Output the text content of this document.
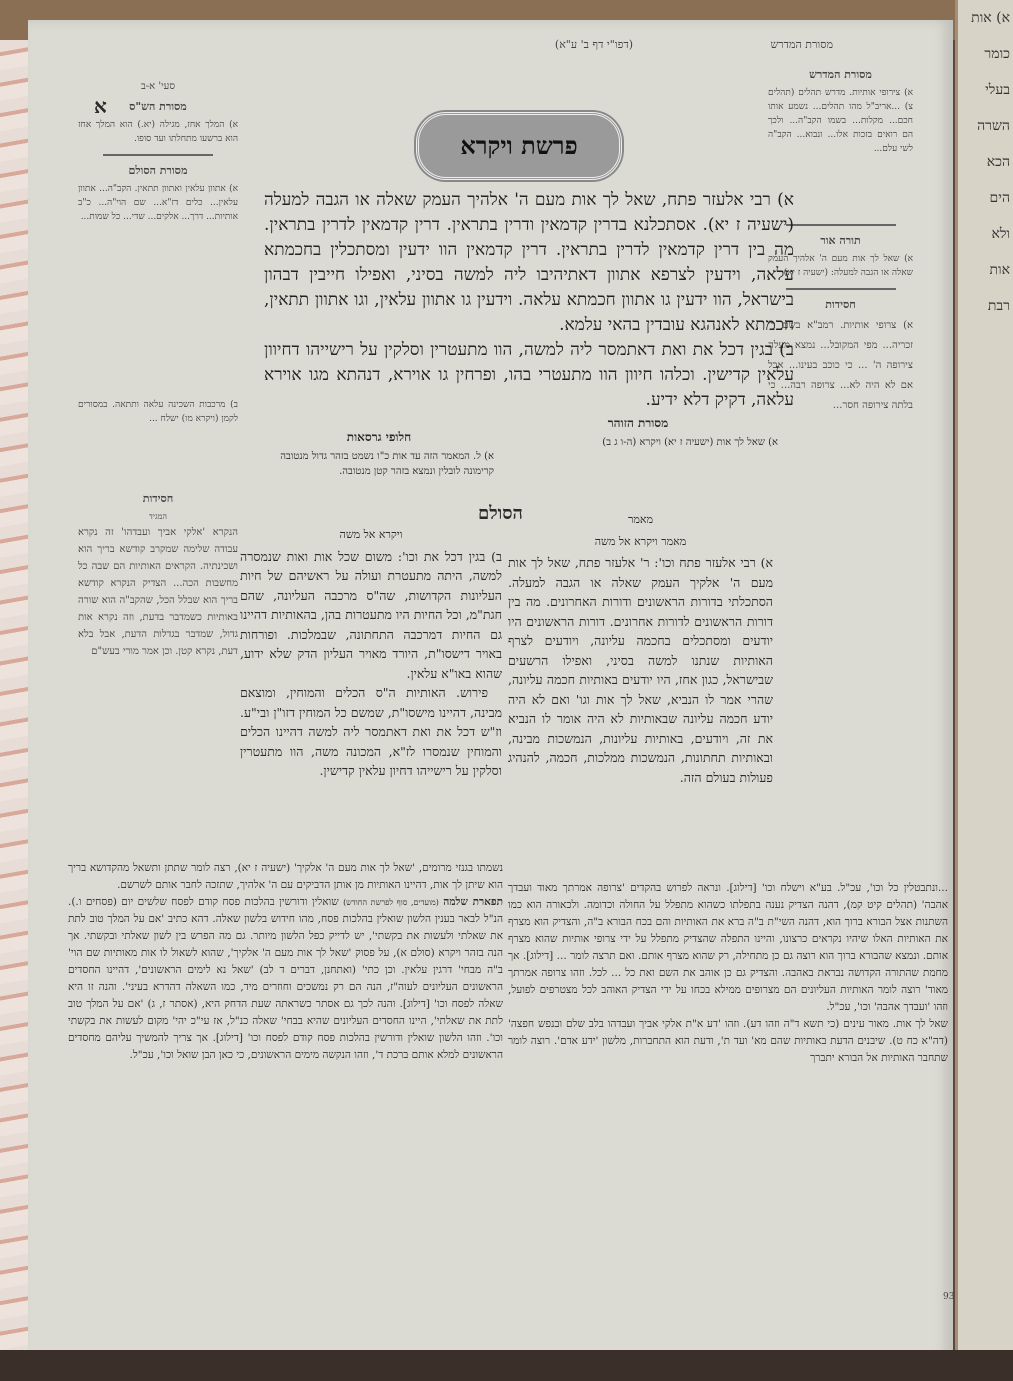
מסורת המדרש
(דפו"י דף ב' ע"א)
א
סעי' א-ב
מסורת הש"ס
א) המלך אחז, מגילה (יא.) הוא המלך אחז הוא ברשעו מתחלתו ועד סופו.
מסורת הסולם
א) אתוון עלאין ואתוון תתאין. הקב"ה... אתוון עלאין... כלים דז"א... שם הוי"ה... כ"ב אותיות... דרך... אלקים... שדי... כל שמות...
ב) מרכבות השכינה עלאה ותתאה. במסורים לקמן (ויקרא מו) ישלח ...
חסידות
המגיד
הנקרא 'אלקי אביך ועבדהו' זה נקרא עבודה שלימה שמקרב קודשא בריך הוא ושכינתיה. הקראים האותיות הם שבה כל מחשבות הכה... הצדיק הנקרא קודשא בריך הוא שבלל הכל, שהקב"ה הוא שורה באותיות כשמדבר בדעת, וזה נקרא אות גדול, שמדבר בגדלות הדעת, אבל בלא דעת, נקרא קטן. וכן אמר מורי בעש"ם
מסורת המדרש
א) צירופי אותיות. מדרש תהלים (תהלים צ) ...אריב"ל מהו תהלים... נשמע אותו חכם... מקלות... בשמו הקב"ה... ולכך הם רואים בזכות אלו... ונבוא... הקב"ה לשי עלם...
תורה אור
א) שאל לך אות מעם ה' אלהיך העמק שאלה או הגבה למעלה: (ישעיה ז יא)
חסידות
א) צרופי אותיות. רמב"א בשם ר' זכריה... מפי המקובל... נמצא מעלה צירופה ה' ... כי כוכב בעינו... אבל אם לא היה לא... צרופה רבה... כי בלתה צירופה חסר...
פרשת ויקרא

א) רבי אלעזר פתח, שאל לך אות מעם ה' אלהיך העמק שאלה או הגבה למעלה (ישעיה ז יא). אסתכלנא בדרין קדמאין ודרין בתראין. דרין קדמאין לדרין בתראין. מה בין דרין קדמאין לדרין בתראין. דרין קדמאין הוו ידעין ומסתכלין בחכמתא עלאה, וידעין לצרפא אתוון דאתיהיבו ליה למשה בסיני, ואפילו חייבין דבהון בישראל, הוו ידעין גו אתוון חכמתא עלאה. וידעין גו אתוון עלאין, וגו אתוון תתאין, חכמתא לאנהגא עובדין בהאי עלמא.

ב) בגין דכל את ואת דאתמסר ליה למשה, הוו מתעטרין וסלקין על רישייהו דחיוון עלאין קדישין. וכלהו חיוון הוו מתעטרי בהו, ופרחין גו אוירא, דנהתא מגו אוירא עלאה, דקיק דלא ידיע.

מסורת הזוהר
א) שאל לך אות (ישעיה ז יא) ויקרא (ה-ו ג ב)
חלופי גרסאות
א) ל. המאמר הזה עד אות כ"ו נשמט בזהר גדול מנטובה קרימונה לובלין ונמצא בזהר קטן מנטובה.
הסולם	מאמר
מאמר ויקרא אל משה
א) רבי אלעזר פתח וכו': ר' אלעזר פתח, שאל לך אות מעם ה' אלקיך העמק שאלה או הגבה למעלה. הסתכלתי בדורות הראשונים ודורות האחרונים. מה בין דורות הראשונים לדורות אחרונים. דורות הראשונים היו יודעים ומסתכלים בחכמה עליונה, ויודעים לצרף האותיות שנתנו למשה בסיני, ואפילו הרשעים שבישראל, כגון אחז, היו יודעים באותיות חכמה עליונה, שהרי אמר לו הנביא, שאל לך אות וגו' ואם לא היה יודע חכמה עליונה שבאותיות לא היה אומר לו הנביא את זה, ויודעים, באותיות עליונות, הנמשכות מבינה, ובאותיות תחתונות, הנמשכות ממלכות, חכמה, להנהיג פעולות בעולם הזה.
ויקרא אל משה
ב) בגין דכל את וכו': משום שכל אות ואות שנמסרה למשה, היתה מתעטרת ועולה על ראשיהם של חיות העליונות הקדושות, שה"ס מרכבה העליונה, שהם חגת"מ, וכל החיות היו מתעטרות בהן, בהאותיות דהיינו גם החיות דמרכבה התחתונה, שבמלכות. ופורחות באויר דישסו"ת, היורד מאויר העליון הדק שלא ידוע, שהוא באו"א עלאין.
פירוש. האותיות ה"ס הכלים והמוחין, ומוצאם מבינה, דהיינו מישסו"ת, שמשם כל המוחין דזו"ן ובי"ע. וז"ש דכל את ואת דאתמסר ליה למשה דהיינו הכלים והמוחין שנמסרו לז"א, המכונה משה, הוו מתעטרין וסלקין על רישייהו דחיון עלאין קדישין.
...ונתבטלין כל וכו', עכ"ל. בע"א וישלח וכו' [דילוג]. ונראה לפרוש בהקדים 'צרופה אמרתך מאוד ועבדך אהבה' (תהלים קיט קמ), דהנה הצדיק נענה בתפלתו כשהוא מתפלל על החולה וכדומה. ולכאורה הוא כמו השתנות אצל הבורא ברוך הוא, דהנה השי"ת ב"ה ברא את האותיות והם בכח הבורא ב"ה, והצדיק הוא מצרף את האותיות האלו שיהיו נקראים כרצונו, והיינו התפלה שהצדיק מתפלל על ידי צרופי אותיות שהוא מצרף אותם. ונמצא שהבורא ברוך הוא רוצה גם כן מתחילה, רק שהוא מצרף אותם. ואם תרצה לומר ... [דילוג]. אך מחמת שהתורה הקדושה נבראת באהבה. והצדיק גם כן אוהב את השם ואת כל ... לכל. וזהו צרופה אמרתך מאוד' רוצה לומר האותיות העליונים הם מצרופים ממילא בכחו על ידי הצדיק האוהב לכל מצטרפים לפועל, וזהו 'ועבדך אהבה' וכו', עכ"ל.
שאל לך אות. מאור עינים (כי תשא ד"ה וזהו דע). וזהו 'דע א"ת אלקי אביך ועבדהו בלב שלם ובנפש חפצה' (דה"א כח ט). שיבנים הדעת באותיות שהם מא' ועד ת', ודעת הוא התחברות, מלשון 'ידע אדם'. רוצה לומר שתחבר האותיות אל הבורא יתברך
נשמתו בגנזי מרומים, 'שאל לך אות מעם ה' אלקיך' (ישעיה ז יא), רצה לומר שתתן ותשאל מהקדושא בריך הוא שיתן לך אות, דהיינו האותיות מן אותן הדביקים עם ה' אלהיך, שתזכה לחבר אותם לשרשם.
תפארת שלמה (מועדים, סוף לפרשת החודש) שואלין ודורשין בהלכות פסח קודם לפסח שלשים יום (פסחים ו.). הנ"ל לבאר בענין הלשון שואלין בהלכות פסח, מהו חידוש בלשון שאלה. דהא כתיב 'אם על המלך טוב לתת את שאלתי ולעשות את בקשתי', יש לדייק כפל הלשון מיותר. גם מה הפרש בין לשון שאלתי ובקשתי. אך הנה בזהר ויקרא (סולם א), על פסוק 'שאל לך אות מעם ה' אלקיך', שהוא לשאול לו אות מאותיות שם הוי' ב"ה מבחי' דרגין עלאין. וכן כתי' (ואתחנן, דברים ד לב) 'שאל נא לימים הראשונים', דהיינו החסדים הראשונים העליונים לעוה"ז, הנה הם רק נמשכים וחוזרים מיד, כמו השאלה דהדרא בעיני'. והנה זו היא שאלה לפסח וכו' [דילוג]. והנה לכך גם אסתר כשראתה שעת הדחק היא, (אסתר ז, ג) 'אם על המלך טוב לתת את שאלתי', היינו החסדים העליונים שהיא בבחי' שאלה כנ"ל, אז עי"כ יהי' מקום לעשות את בקשתי וכו'. וזהו הלשון שואלין ודורשין בהלכות פסח קודם לפסח וכו' [דילוג]. אך צריך להמשיך עליהם מחסדים הראשונים למלא אותם ברכת ד', וזהו הנקשה מימים הראשונים, כי כאן הבן שואל וכו', עכ"ל.
93
א) אות
כומר
בעלי
השרה
הכא
הים
ולא
אות
רבת
